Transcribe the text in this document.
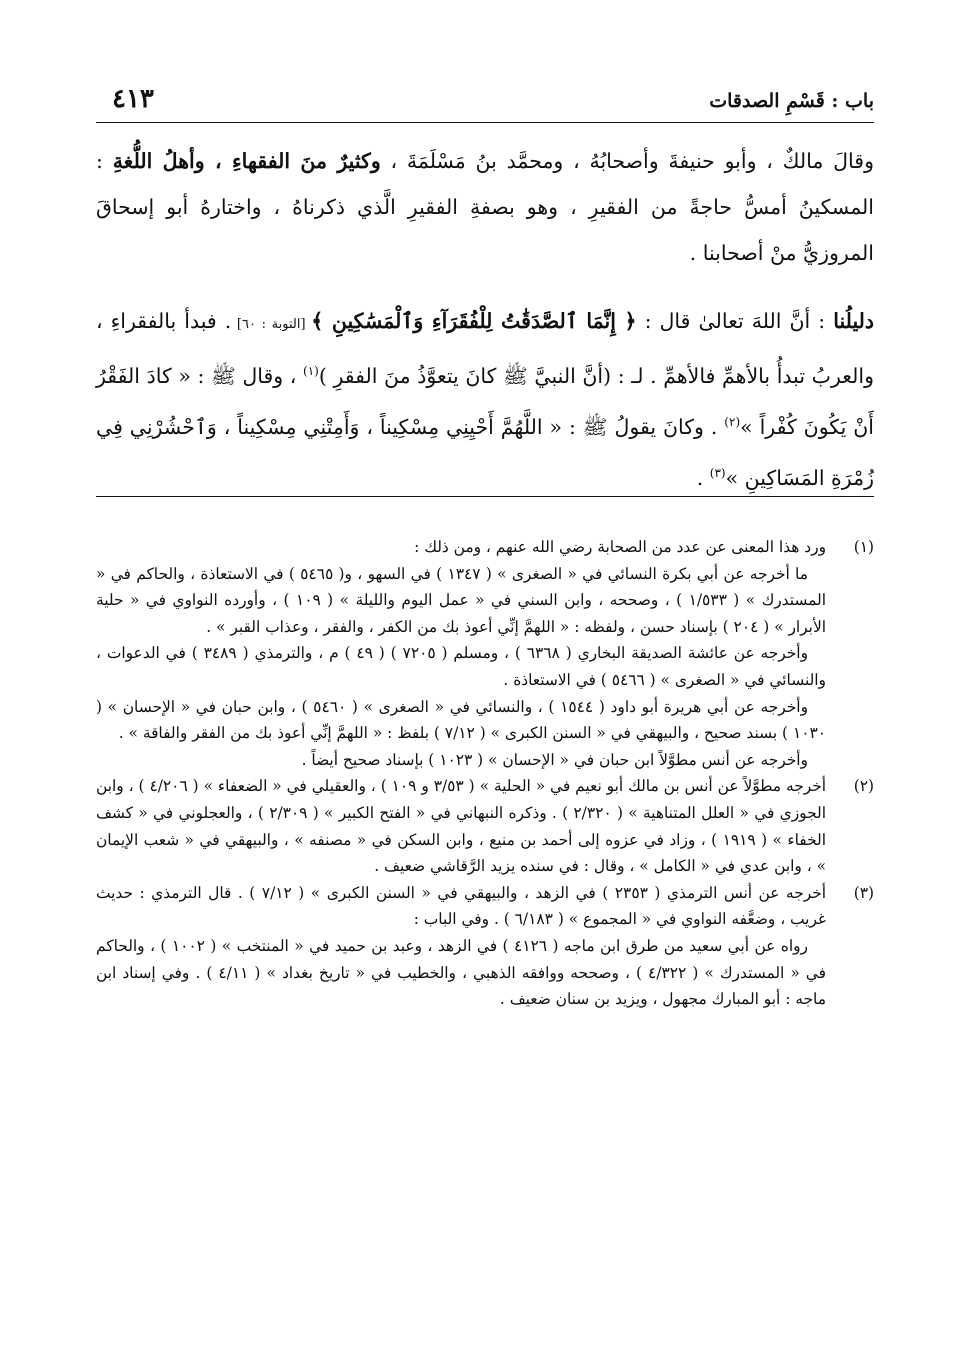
باب : قَسْمِ الصدقات
٤١٣

وقالَ مالكٌ ، وأبو حنيفةَ وأصحابُهُ ، ومحمَّد بنُ مَسْلَمَةَ ، وكثيرٌ منَ الفقهاءِ ، وأهلُ اللُّغةِ : المسكينُ أمسُّ حاجةً من الفقيرِ ، وهو بصفةِ الفقيرِ الَّذي ذكرناهُ ، واختارهُ أبو إسحاقَ المروزيُّ منْ أصحابنا .

دليلُنا : أنَّ اللهَ تعالىٰ قال : ﴿ إِنَّمَا ٱلصَّدَقَٰتُ لِلْفُقَرَآءِ وَٱلْمَسَٰكِينِ ﴾ [التوبة : ٦٠] . فبدأ بالفقراءِ ، والعربُ تبدأُ بالأهمِّ فالأهمِّ . لـ : (أنَّ النبيَّ ﷺ كانَ يتعوَّذُ منَ الفقرِ )$^{(١)}$ ، وقال ﷺ : « كادَ الفَقْرُ أَنْ يَكُونَ كُفْراً »$^{(٢)}$ . وكانَ يقولُ ﷺ : « اللَّهُمَّ أَحْيِنِي مِسْكِيناً ، وَأَمِتْنِي مِسْكِيناً ، وَٱحْشُرْنِي فِي زُمْرَةِ المَسَاكِينِ »$^{(٣)}$ .

(١)

ورد هذا المعنى عن عدد من الصحابة رضي الله عنهم ، ومن ذلك :

ما أخرجه عن أبي بكرة النسائي في « الصغرى » ( ١٣٤٧ ) في السهو ، و( ٥٤٦٥ ) في الاستعاذة ، والحاكم في « المستدرك » ( ١/٥٣٣ ) ، وصححه ، وابن السني في « عمل اليوم والليلة » ( ١٠٩ ) ، وأورده النواوي في « حلية الأبرار » ( ٢٠٤ ) بإسناد حسن ، ولفظه : « اللهمَّ إنِّي أعوذ بك من الكفر ، والفقر ، وعذاب القبر » .

وأخرجه عن عائشة الصديقة البخاري ( ٦٣٦٨ ) ، ومسلم ( ٧٢٠٥ ) ( ٤٩ ) م ، والترمذي ( ٣٤٨٩ ) في الدعوات ، والنسائي في « الصغرى » ( ٥٤٦٦ ) في الاستعاذة .

وأخرجه عن أبي هريرة أبو داود ( ١٥٤٤ ) ، والنسائي في « الصغرى » ( ٥٤٦٠ ) ، وابن حبان في « الإحسان » ( ١٠٣٠ ) بسند صحيح ، والبيهقي في « السنن الكبرى » ( ٧/١٢ ) بلفظ : « اللهمَّ إنِّي أعوذ بك من الفقر والفاقة » .

وأخرجه عن أنس مطوَّلاً ابن حبان في « الإحسان » ( ١٠٢٣ ) بإسناد صحيح أيضاً .

(٢)

أخرجه مطوَّلاً عن أنس بن مالك أبو نعيم في « الحلية » ( ٣/٥٣ و ١٠٩ ) ، والعقيلي في « الضعفاء » ( ٤/٢٠٦ ) ، وابن الجوزي في « العلل المتناهية » ( ٢/٣٢٠ ) . وذكره النبهاني في « الفتح الكبير » ( ٢/٣٠٩ ) ، والعجلوني في « كشف الخفاء » ( ١٩١٩ ) ، وزاد في عزوه إلى أحمد بن منيع ، وابن السكن في « مصنفه » ، والبيهقي في « شعب الإيمان » ، وابن عدي في « الكامل » ، وقال : في سنده يزيد الرَّقاشي ضعيف .

(٣)

أخرجه عن أنس الترمذي ( ٢٣٥٣ ) في الزهد ، والبيهقي في « السنن الكبرى » ( ٧/١٢ ) . قال الترمذي : حديث غريب ، وضعَّفه النواوي في « المجموع » ( ٦/١٨٣ ) . وفي الباب :

رواه عن أبي سعيد من طرق ابن ماجه ( ٤١٢٦ ) في الزهد ، وعبد بن حميد في « المنتخب » ( ١٠٠٢ ) ، والحاكم في « المستدرك » ( ٤/٣٢٢ ) ، وصححه ووافقه الذهبي ، والخطيب في « تاريخ بغداد » ( ٤/١١ ) . وفي إسناد ابن ماجه : أبو المبارك مجهول ، ويزيد بن سنان ضعيف .
